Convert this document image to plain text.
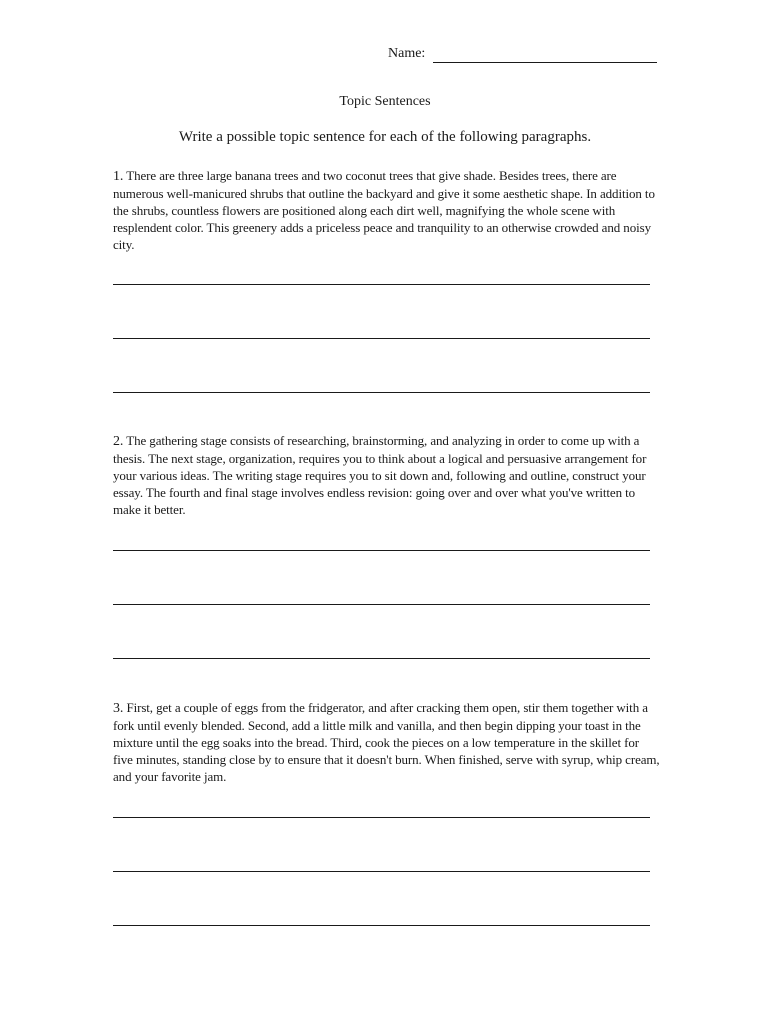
Name:
Topic Sentences
Write a possible topic sentence for each of the following paragraphs.
1. There are three large banana trees and two coconut trees that give shade. Besides trees, there are numerous well-manicured shrubs that outline the backyard and give it some aesthetic shape. In addition to the shrubs, countless flowers are positioned along each dirt well, magnifying the whole scene with resplendent color. This greenery adds a priceless peace and tranquility to an otherwise crowded and noisy city.
2. The gathering stage consists of researching, brainstorming, and analyzing in order to come up with a thesis. The next stage, organization, requires you to think about a logical and persuasive arrangement for your various ideas. The writing stage requires you to sit down and, following and outline, construct your essay. The fourth and final stage involves endless revision: going over and over what you've written to make it better.
3. First, get a couple of eggs from the fridgerator, and after cracking them open, stir them together with a fork until evenly blended. Second, add a little milk and vanilla, and then begin dipping your toast in the mixture until the egg soaks into the bread. Third, cook the pieces on a low temperature in the skillet for five minutes, standing close by to ensure that it doesn't burn. When finished, serve with syrup, whip cream, and your favorite jam.
